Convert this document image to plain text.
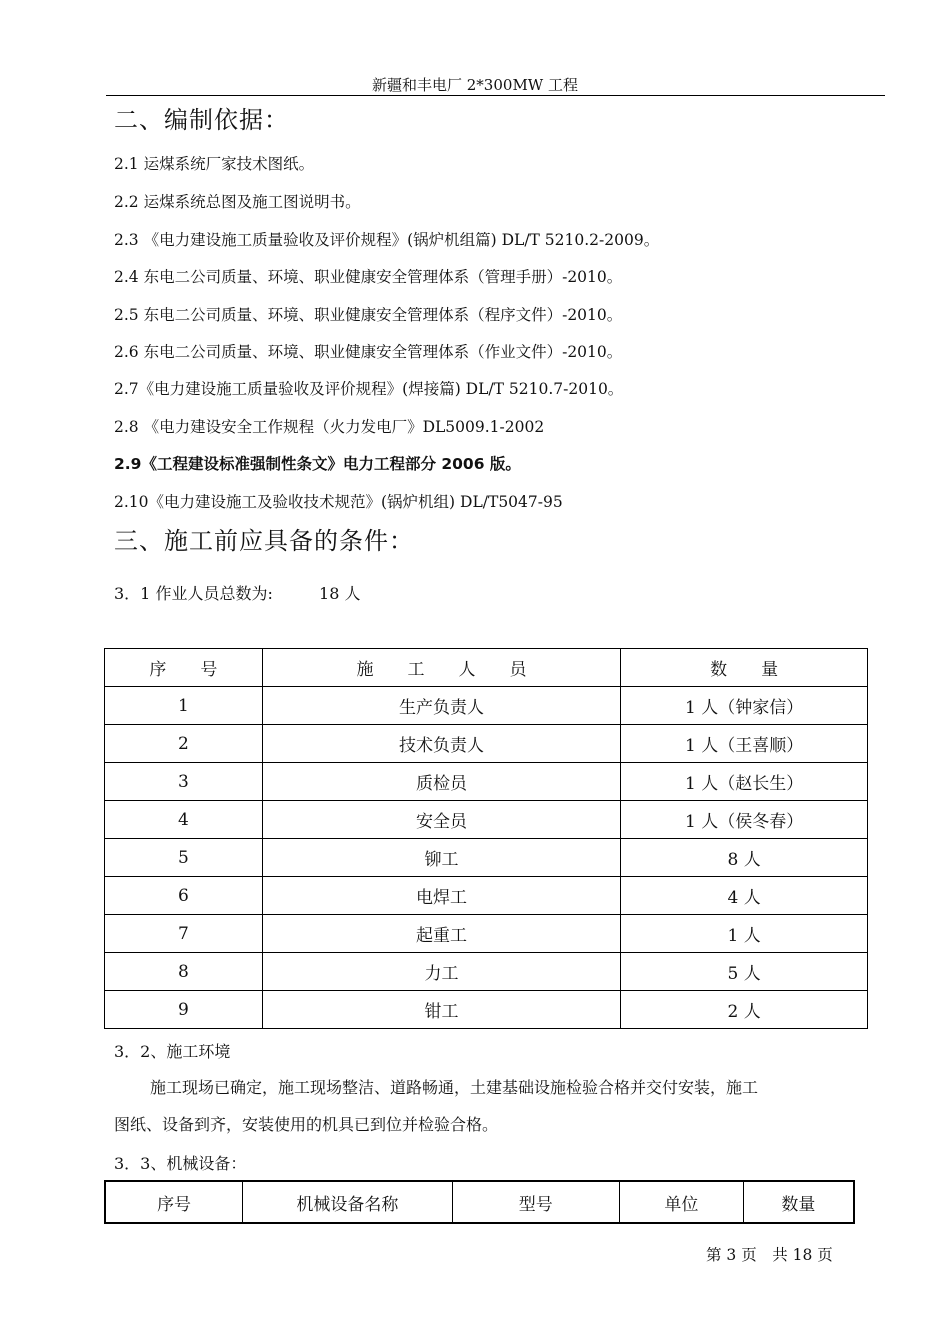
新疆和丰电厂 2*300MW 工程
二、编制依据：
2.1 运煤系统厂家技术图纸。
2.2 运煤系统总图及施工图说明书。
2.3 《电力建设施工质量验收及评价规程》(锅炉机组篇) DL/T 5210.2-2009。
2.4 东电二公司质量、环境、职业健康安全管理体系（管理手册）-2010。
2.5 东电二公司质量、环境、职业健康安全管理体系（程序文件）-2010。
2.6 东电二公司质量、环境、职业健康安全管理体系（作业文件）-2010。
2.7《电力建设施工质量验收及评价规程》(焊接篇) DL/T 5210.7-2010。
2.8 《电力建设安全工作规程（火力发电厂》DL5009.1-2002
2.9《工程建设标准强制性条文》电力工程部分 2006 版。
2.10《电力建设施工及验收技术规范》(锅炉机组) DL/T5047-95
三、施工前应具备的条件：
3．1 作业人员总数为:	18 人
序　　号	施　　工　　人　　员	数　　量
1	生产负责人	1 人（钟家信）
2	技术负责人	1 人（王喜顺）
3	质检员	1 人（赵长生）
4	安全员	1 人（侯冬春）
5	铆工	8 人
6	电焊工	4 人
7	起重工	1 人
8	力工	5 人
9	钳工	2 人
3．2、施工环境
施工现场已确定，施工现场整洁、道路畅通，土建基础设施检验合格并交付安装，施工
图纸、设备到齐，安装使用的机具已到位并检验合格。
3．3、机械设备：
序号	机械设备名称	型号	单位	数量
第 3 页　共 18 页
